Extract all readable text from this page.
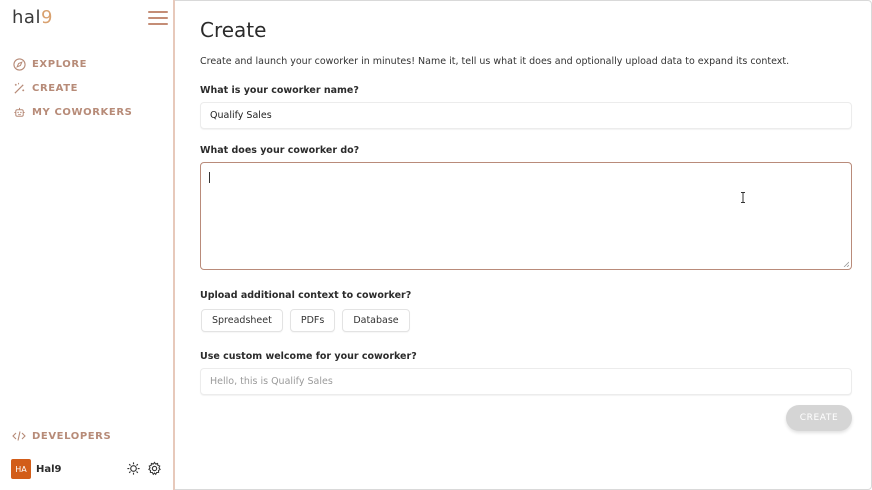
hal9
EXPLORE
CREATE
MY COWORKERS
DEVELOPERS
HA Hal9
Create
Create and launch your coworker in minutes! Name it, tell us what it does and optionally upload data to expand its context.
What is your coworker name?
Qualify Sales
What does your coworker do?
Upload additional context to coworker?
Spreadsheet	PDFs	Database
Use custom welcome for your coworker?
Hello, this is Qualify Sales
CREATE
